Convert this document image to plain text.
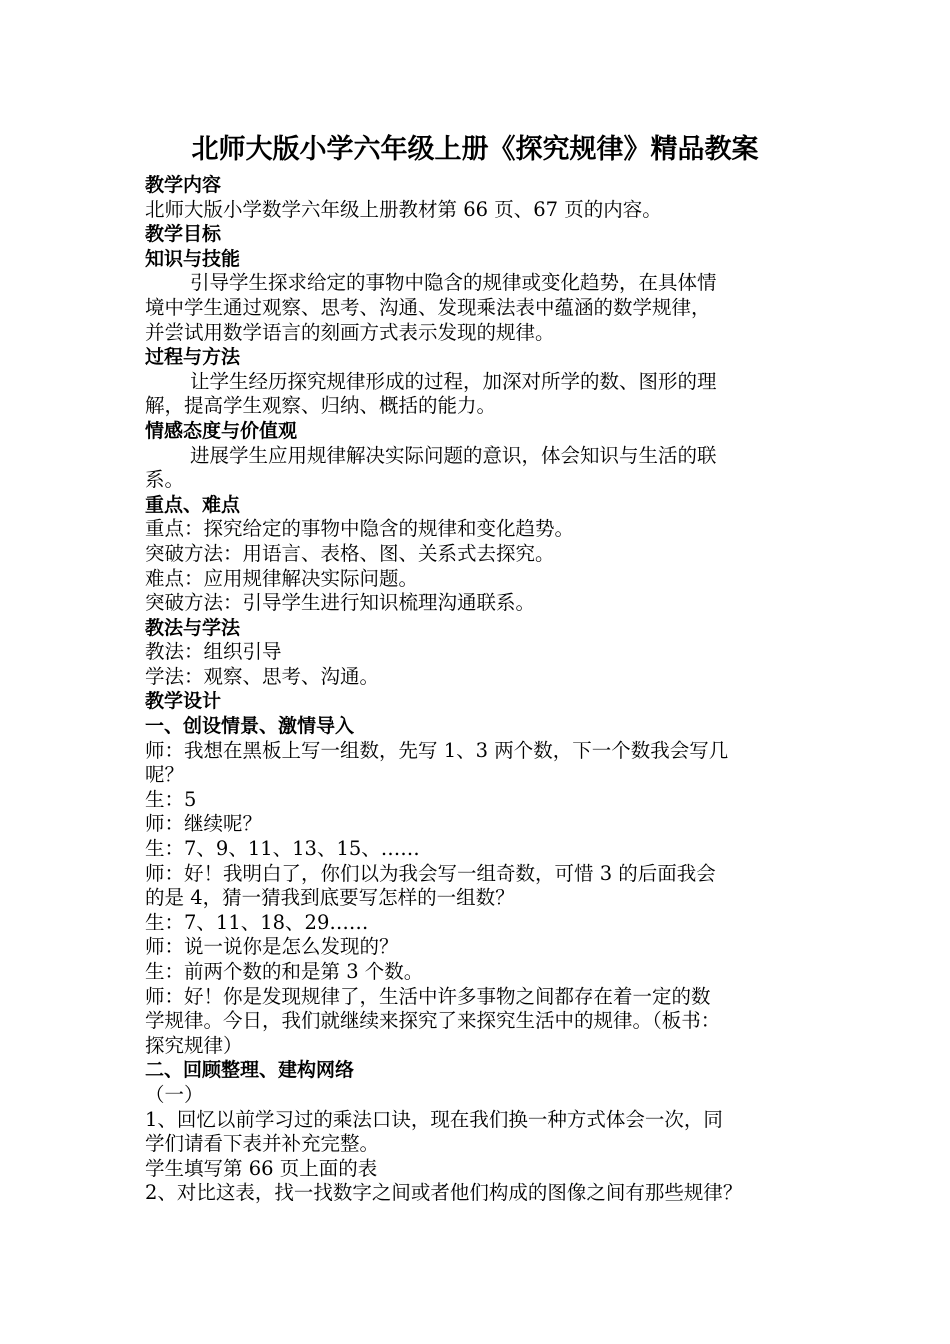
北师大版小学六年级上册《探究规律》精品教案
教学内容
北师大版小学数学六年级上册教材第 66 页、67 页的内容。
教学目标
知识与技能
引导学生探求给定的事物中隐含的规律或变化趋势，在具体情
境中学生通过观察、思考、沟通、发现乘法表中蕴涵的数学规律，
并尝试用数学语言的刻画方式表示发现的规律。
过程与方法
让学生经历探究规律形成的过程，加深对所学的数、图形的理
解，提高学生观察、归纳、概括的能力。
情感态度与价值观
进展学生应用规律解决实际问题的意识，体会知识与生活的联
系。
重点、难点
重点：探究给定的事物中隐含的规律和变化趋势。
突破方法：用语言、表格、图、关系式去探究。
难点：应用规律解决实际问题。
突破方法：引导学生进行知识梳理沟通联系。
教法与学法
教法：组织引导
学法：观察、思考、沟通。
教学设计
一、创设情景、激情导入
师：我想在黑板上写一组数，先写 1、3 两个数，下一个数我会写几
呢？
生：5
师：继续呢？
生：7、9、11、13、15、……
师：好！我明白了，你们以为我会写一组奇数，可惜 3 的后面我会
的是 4，猜一猜我到底要写怎样的一组数？
生：7、11、18、29……
师：说一说你是怎么发现的？
生：前两个数的和是第 3 个数。
师：好！你是发现规律了，生活中许多事物之间都存在着一定的数
学规律。今日，我们就继续来探究了来探究生活中的规律。（板书：
探究规律）
二、回顾整理、建构网络
（一）
1、回忆以前学习过的乘法口诀，现在我们换一种方式体会一次，同
学们请看下表并补充完整。
学生填写第 66 页上面的表
2、对比这表，找一找数字之间或者他们构成的图像之间有那些规律？
